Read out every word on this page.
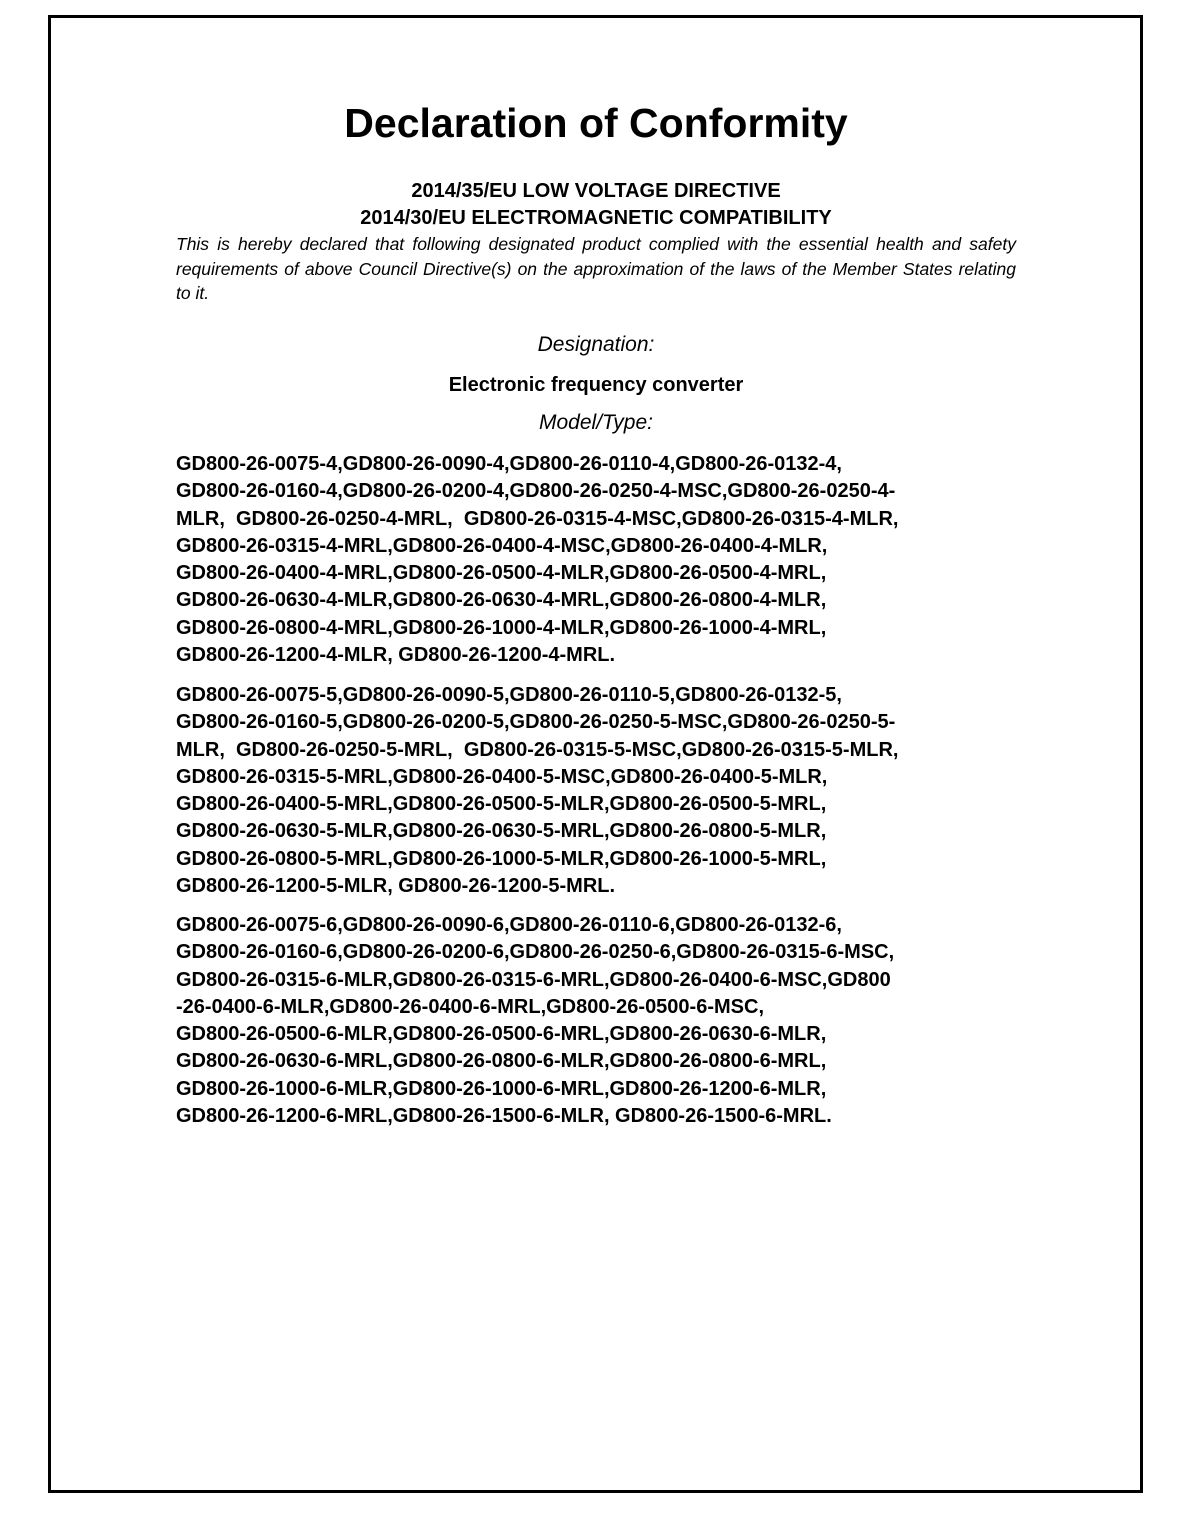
Declaration of Conformity
2014/35/EU LOW VOLTAGE DIRECTIVE
2014/30/EU ELECTROMAGNETIC COMPATIBILITY
This is hereby declared that following designated product complied with the essential health and safety requirements of above Council Directive(s) on the approximation of the laws of the Member States relating to it.
Designation:
Electronic frequency converter
Model/Type:
GD800-26-0075-4,GD800-26-0090-4,GD800-26-0110-4,GD800-26-0132-4,
GD800-26-0160-4,GD800-26-0200-4,GD800-26-0250-4-MSC,GD800-26-0250-4-
MLR,  GD800-26-0250-4-MRL,  GD800-26-0315-4-MSC,GD800-26-0315-4-MLR,
GD800-26-0315-4-MRL,GD800-26-0400-4-MSC,GD800-26-0400-4-MLR,
GD800-26-0400-4-MRL,GD800-26-0500-4-MLR,GD800-26-0500-4-MRL,
GD800-26-0630-4-MLR,GD800-26-0630-4-MRL,GD800-26-0800-4-MLR,
GD800-26-0800-4-MRL,GD800-26-1000-4-MLR,GD800-26-1000-4-MRL,
GD800-26-1200-4-MLR, GD800-26-1200-4-MRL.
GD800-26-0075-5,GD800-26-0090-5,GD800-26-0110-5,GD800-26-0132-5,
GD800-26-0160-5,GD800-26-0200-5,GD800-26-0250-5-MSC,GD800-26-0250-5-
MLR,  GD800-26-0250-5-MRL,  GD800-26-0315-5-MSC,GD800-26-0315-5-MLR,
GD800-26-0315-5-MRL,GD800-26-0400-5-MSC,GD800-26-0400-5-MLR,
GD800-26-0400-5-MRL,GD800-26-0500-5-MLR,GD800-26-0500-5-MRL,
GD800-26-0630-5-MLR,GD800-26-0630-5-MRL,GD800-26-0800-5-MLR,
GD800-26-0800-5-MRL,GD800-26-1000-5-MLR,GD800-26-1000-5-MRL,
GD800-26-1200-5-MLR, GD800-26-1200-5-MRL.
GD800-26-0075-6,GD800-26-0090-6,GD800-26-0110-6,GD800-26-0132-6,
GD800-26-0160-6,GD800-26-0200-6,GD800-26-0250-6,GD800-26-0315-6-MSC,
GD800-26-0315-6-MLR,GD800-26-0315-6-MRL,GD800-26-0400-6-MSC,GD800
-26-0400-6-MLR,GD800-26-0400-6-MRL,GD800-26-0500-6-MSC,
GD800-26-0500-6-MLR,GD800-26-0500-6-MRL,GD800-26-0630-6-MLR,
GD800-26-0630-6-MRL,GD800-26-0800-6-MLR,GD800-26-0800-6-MRL,
GD800-26-1000-6-MLR,GD800-26-1000-6-MRL,GD800-26-1200-6-MLR,
GD800-26-1200-6-MRL,GD800-26-1500-6-MLR, GD800-26-1500-6-MRL.
